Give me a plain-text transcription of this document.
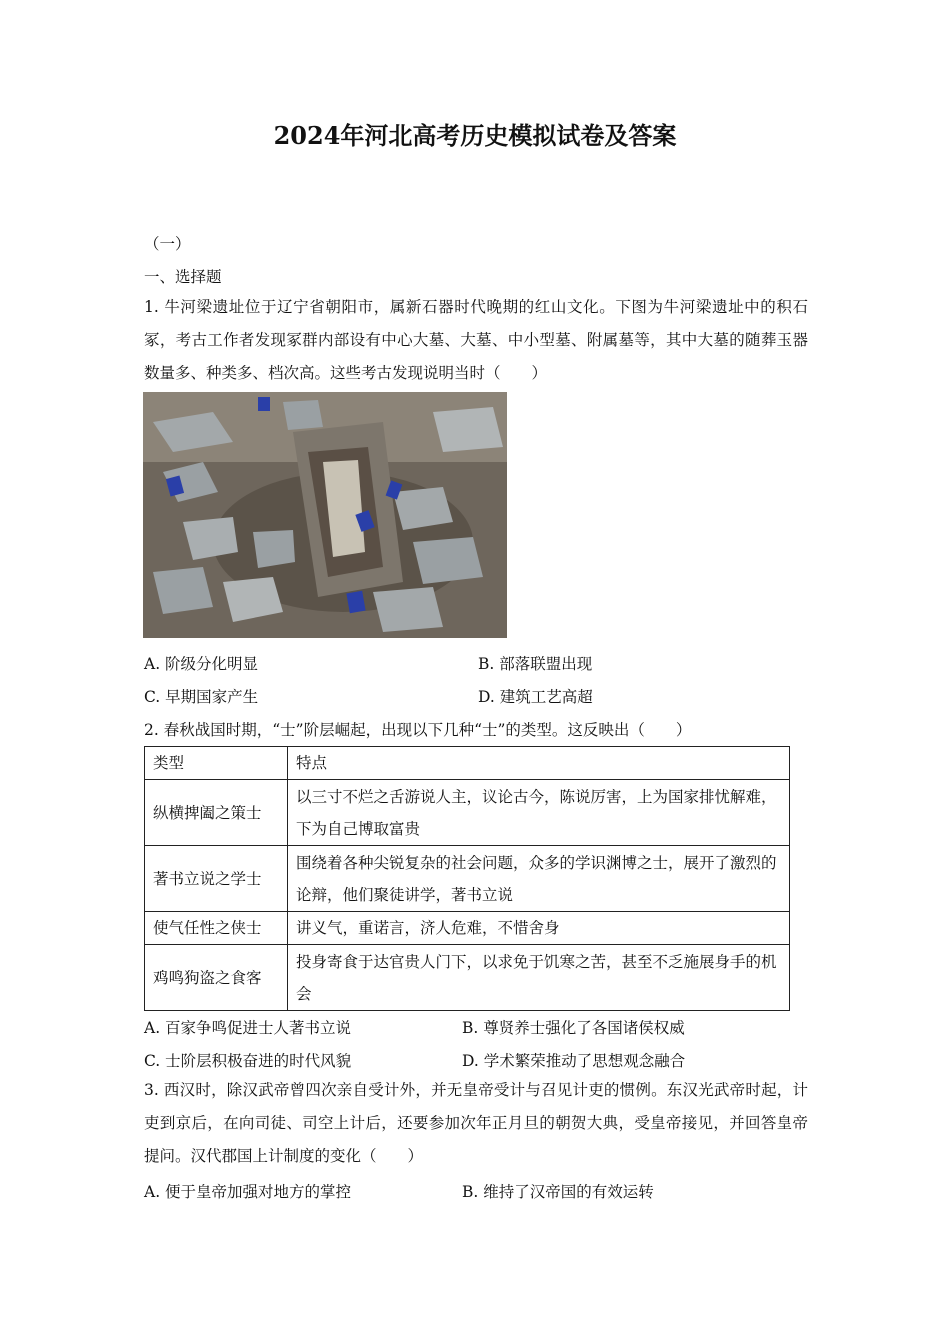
2024年河北高考历史模拟试卷及答案
（一）
一、选择题
1. 牛河梁遗址位于辽宁省朝阳市，属新石器时代晚期的红山文化。下图为牛河梁遗址中的积石冢，考古工作者发现冢群内部设有中心大墓、大墓、中小型墓、附属墓等，其中大墓的随葬玉器数量多、种类多、档次高。这些考古发现说明当时（　　）
A. 阶级分化明显	B. 部落联盟出现
C. 早期国家产生	D. 建筑工艺高超
2. 春秋战国时期，“士”阶层崛起，出现以下几种“士”的类型。这反映出（　　）
类型	特点
纵横捭阖之策士	以三寸不烂之舌游说人主，议论古今，陈说厉害，上为国家排忧解难，下为自己博取富贵
著书立说之学士	围绕着各种尖锐复杂的社会问题，众多的学识渊博之士，展开了激烈的论辩，他们聚徒讲学，著书立说
使气任性之侠士	讲义气，重诺言，济人危难，不惜舍身
鸡鸣狗盗之食客	投身寄食于达官贵人门下，以求免于饥寒之苦，甚至不乏施展身手的机会
A. 百家争鸣促进士人著书立说	B. 尊贤养士强化了各国诸侯权威
C. 士阶层积极奋进的时代风貌	D. 学术繁荣推动了思想观念融合
3. 西汉时，除汉武帝曾四次亲自受计外，并无皇帝受计与召见计吏的惯例。东汉光武帝时起，计吏到京后，在向司徒、司空上计后，还要参加次年正月旦的朝贺大典，受皇帝接见，并回答皇帝提问。汉代郡国上计制度的变化（　　）
A. 便于皇帝加强对地方的掌控	B. 维持了汉帝国的有效运转
